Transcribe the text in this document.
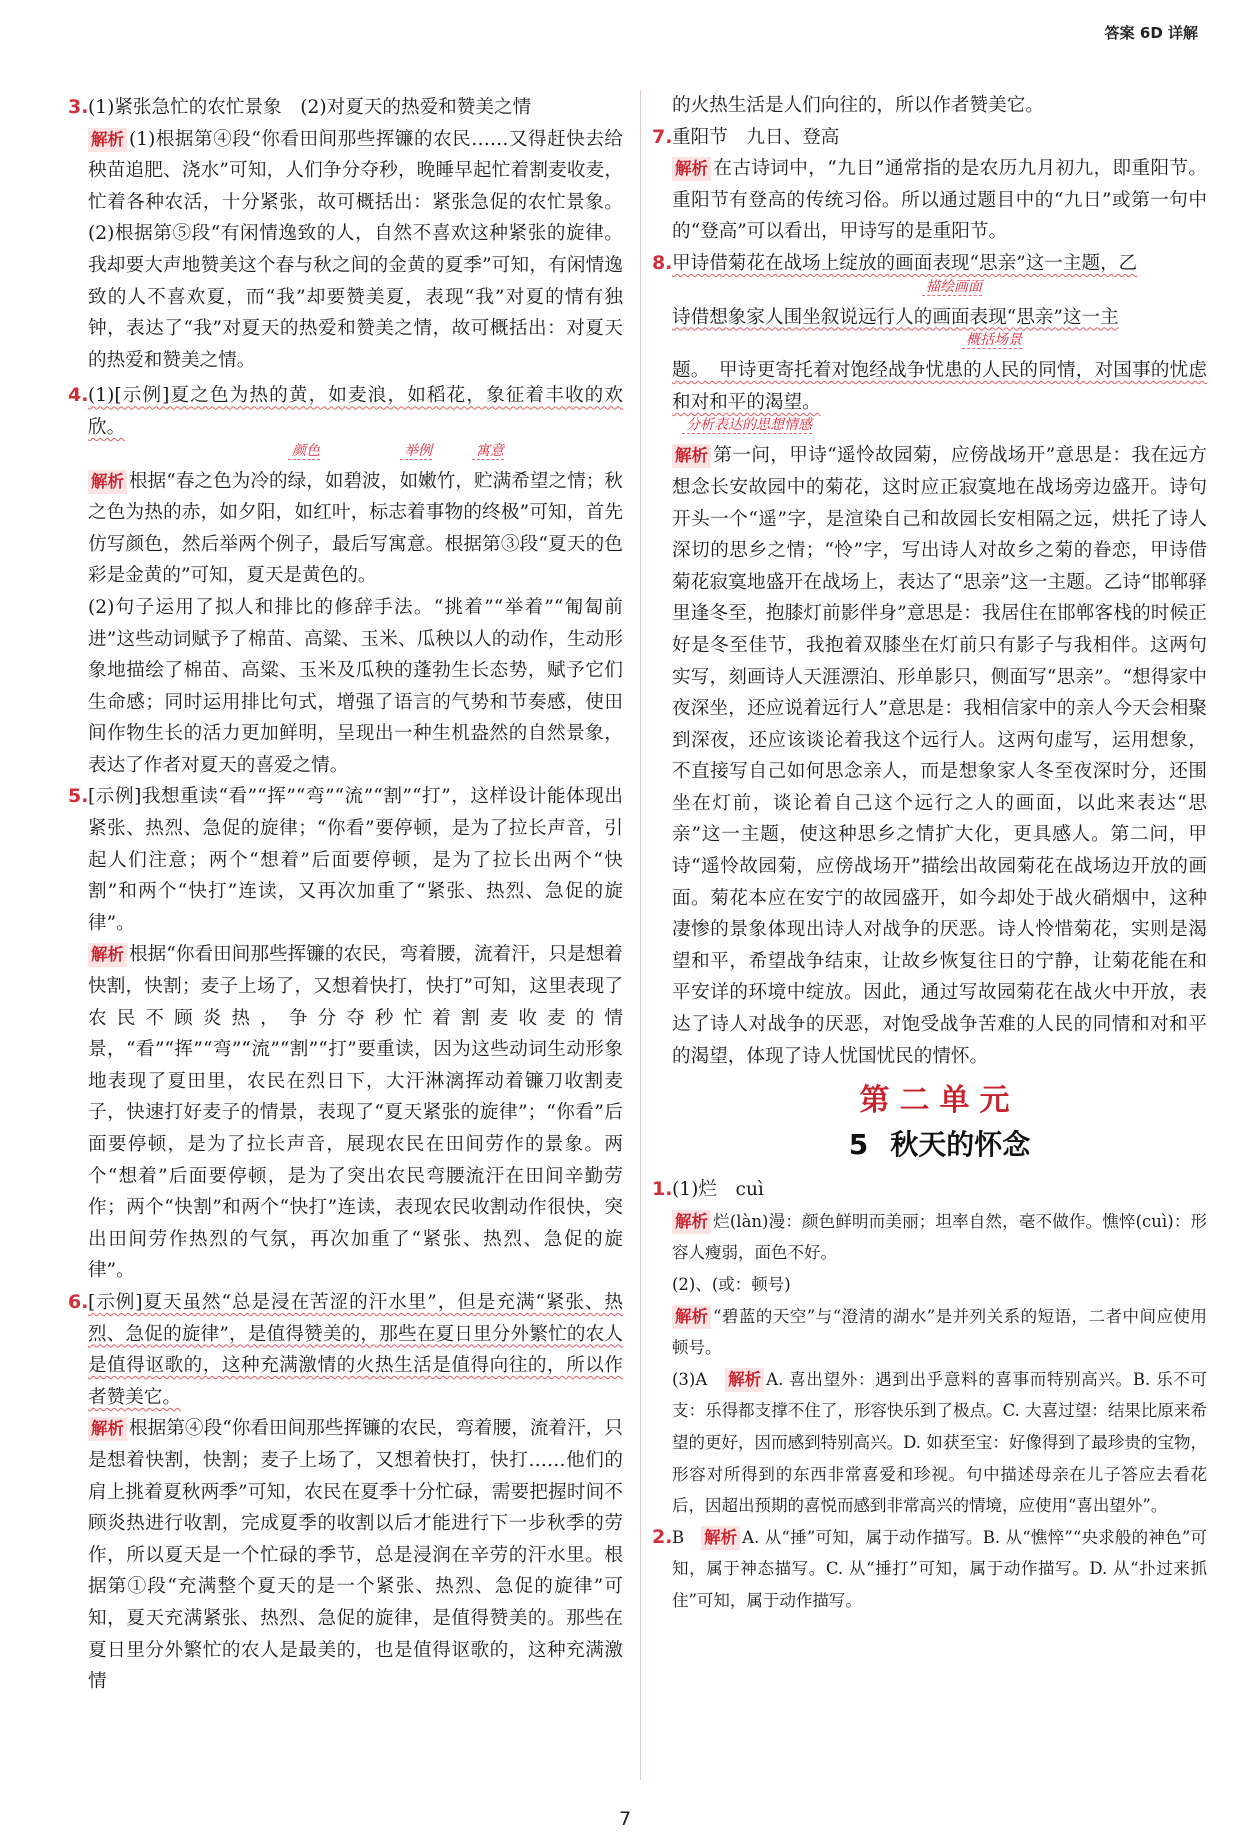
答案 6D 详解
3. (1)紧张急忙的农忙景象　(2)对夏天的热爱和赞美之情

解析 (1)根据第④段“你看田间那些挥镰的农民……又得赶快去给秧苗追肥、浇水”可知，人们争分夺秒，晚睡早起忙着割麦收麦，忙着各种农活，十分紧张，故可概括出：紧张急促的农忙景象。(2)根据第⑤段“有闲情逸致的人，自然不喜欢这种紧张的旋律。我却要大声地赞美这个春与秋之间的金黄的夏季”可知，有闲情逸致的人不喜欢夏，而“我”却要赞美夏，表现“我”对夏的情有独钟，表达了“我”对夏天的热爱和赞美之情，故可概括出：对夏天的热爱和赞美之情。

4. (1)[示例]夏之色为热的黄，如麦浪，如稻花，象征着丰收的欢欣。

颜色	举例	寓意

解析 根据“春之色为冷的绿，如碧波，如嫩竹，贮满希望之情；秋之色为热的赤，如夕阳，如红叶，标志着事物的终极”可知，首先仿写颜色，然后举两个例子，最后写寓意。根据第③段“夏天的色彩是金黄的”可知，夏天是黄色的。

(2)句子运用了拟人和排比的修辞手法。“挑着”“举着”“匍匐前进”这些动词赋予了棉苗、高粱、玉米、瓜秧以人的动作，生动形象地描绘了棉苗、高粱、玉米及瓜秧的蓬勃生长态势，赋予它们生命感；同时运用排比句式，增强了语言的气势和节奏感，使田间作物生长的活力更加鲜明，呈现出一种生机盎然的自然景象，表达了作者对夏天的喜爱之情。

5. [示例]我想重读“看”“挥”“弯”“流”“割”“打”，这样设计能体现出紧张、热烈、急促的旋律；“你看”要停顿，是为了拉长声音，引起人们注意；两个“想着”后面要停顿，是为了拉长出两个“快割”和两个“快打”连读，又再次加重了“紧张、热烈、急促的旋律”。

解析 根据“你看田间那些挥镰的农民，弯着腰，流着汗，只是想着快割，快割；麦子上场了，又想着快打，快打”可知，这里表现了农民不顾炎热，争分夺秒忙着割麦收麦的情景，“看”“挥”“弯”“流”“割”“打”要重读，因为这些动词生动形象地表现了夏田里，农民在烈日下，大汗淋漓挥动着镰刀收割麦子，快速打好麦子的情景，表现了“夏天紧张的旋律”；“你看”后面要停顿，是为了拉长声音，展现农民在田间劳作的景象。两个“想着”后面要停顿，是为了突出农民弯腰流汗在田间辛勤劳作；两个“快割”和两个“快打”连读，表现农民收割动作很快，突出田间劳作热烈的气氛，再次加重了“紧张、热烈、急促的旋律”。

6. [示例]夏天虽然“总是浸在苦涩的汗水里”，但是充满“紧张、热烈、急促的旋律”，是值得赞美的，那些在夏日里分外繁忙的农人是值得讴歌的，这种充满激情的火热生活是值得向往的，所以作者赞美它。

解析 根据第④段“你看田间那些挥镰的农民，弯着腰，流着汗，只是想着快割，快割；麦子上场了，又想着快打，快打……他们的肩上挑着夏秋两季”可知，农民在夏季十分忙碌，需要把握时间不顾炎热进行收割，完成夏季的收割以后才能进行下一步秋季的劳作，所以夏天是一个忙碌的季节，总是浸润在辛劳的汗水里。根据第①段“充满整个夏天的是一个紧张、热烈、急促的旋律”可知，夏天充满紧张、热烈、急促的旋律，是值得赞美的。那些在夏日里分外繁忙的农人是最美的，也是值得讴歌的，这种充满激情

的火热生活是人们向往的，所以作者赞美它。

7. 重阳节　九日、登高

解析 在古诗词中，“九日”通常指的是农历九月初九，即重阳节。重阳节有登高的传统习俗。所以通过题目中的“九日”或第一句中的“登高”可以看出，甲诗写的是重阳节。

8. 甲诗借菊花在战场上绽放的画面表现“思亲”这一主题，乙

描绘画面

诗借想象家人围坐叙说远行人的画面表现“思亲”这一主

概括场景

题。　甲诗更寄托着对饱经战争忧患的人民的同情，对国事的忧虑和对和平的渴望。

分析表达的思想情感

解析 第一问，甲诗“遥怜故园菊，应傍战场开”意思是：我在远方想念长安故园中的菊花，这时应正寂寞地在战场旁边盛开。诗句开头一个“遥”字，是渲染自己和故园长安相隔之远，烘托了诗人深切的思乡之情；“怜”字，写出诗人对故乡之菊的眷恋，甲诗借菊花寂寞地盛开在战场上，表达了“思亲”这一主题。乙诗“邯郸驿里逢冬至，抱膝灯前影伴身”意思是：我居住在邯郸客栈的时候正好是冬至佳节，我抱着双膝坐在灯前只有影子与我相伴。这两句实写，刻画诗人天涯漂泊、形单影只，侧面写“思亲”。“想得家中夜深坐，还应说着远行人”意思是：我相信家中的亲人今天会相聚到深夜，还应该谈论着我这个远行人。这两句虚写，运用想象，不直接写自己如何思念亲人，而是想象家人冬至夜深时分，还围坐在灯前，谈论着自己这个远行之人的画面，以此来表达“思亲”这一主题，使这种思乡之情扩大化，更具感人。第二问，甲诗“遥怜故园菊，应傍战场开”描绘出故园菊花在战场边开放的画面。菊花本应在安宁的故园盛开，如今却处于战火硝烟中，这种凄惨的景象体现出诗人对战争的厌恶。诗人怜惜菊花，实则是渴望和平，希望战争结束，让故乡恢复往日的宁静，让菊花能在和平安详的环境中绽放。因此，通过写故园菊花在战火中开放，表达了诗人对战争的厌恶，对饱受战争苦难的人民的同情和对和平的渴望，体现了诗人忧国忧民的情怀。

第二单元
5 秋天的怀念
1. (1)烂　cuì

解析 烂(làn)漫：颜色鲜明而美丽；坦率自然，毫不做作。憔悴(cuì)：形容人瘦弱，面色不好。

(2)、(或：顿号)

解析 “碧蓝的天空”与“澄清的湖水”是并列关系的短语，二者中间应使用顿号。

(3)A　解析 A. 喜出望外：遇到出乎意料的喜事而特别高兴。B. 乐不可支：乐得都支撑不住了，形容快乐到了极点。C. 大喜过望：结果比原来希望的更好，因而感到特别高兴。D. 如获至宝：好像得到了最珍贵的宝物，形容对所得到的东西非常喜爱和珍视。句中描述母亲在儿子答应去看花后，因超出预期的喜悦而感到非常高兴的情境，应使用“喜出望外”。

2. B　解析 A. 从“捶”可知，属于动作描写。B. 从“憔悴”“央求般的神色”可知，属于神态描写。C. 从“捶打”可知，属于动作描写。D. 从“扑过来抓住”可知，属于动作描写。

7
